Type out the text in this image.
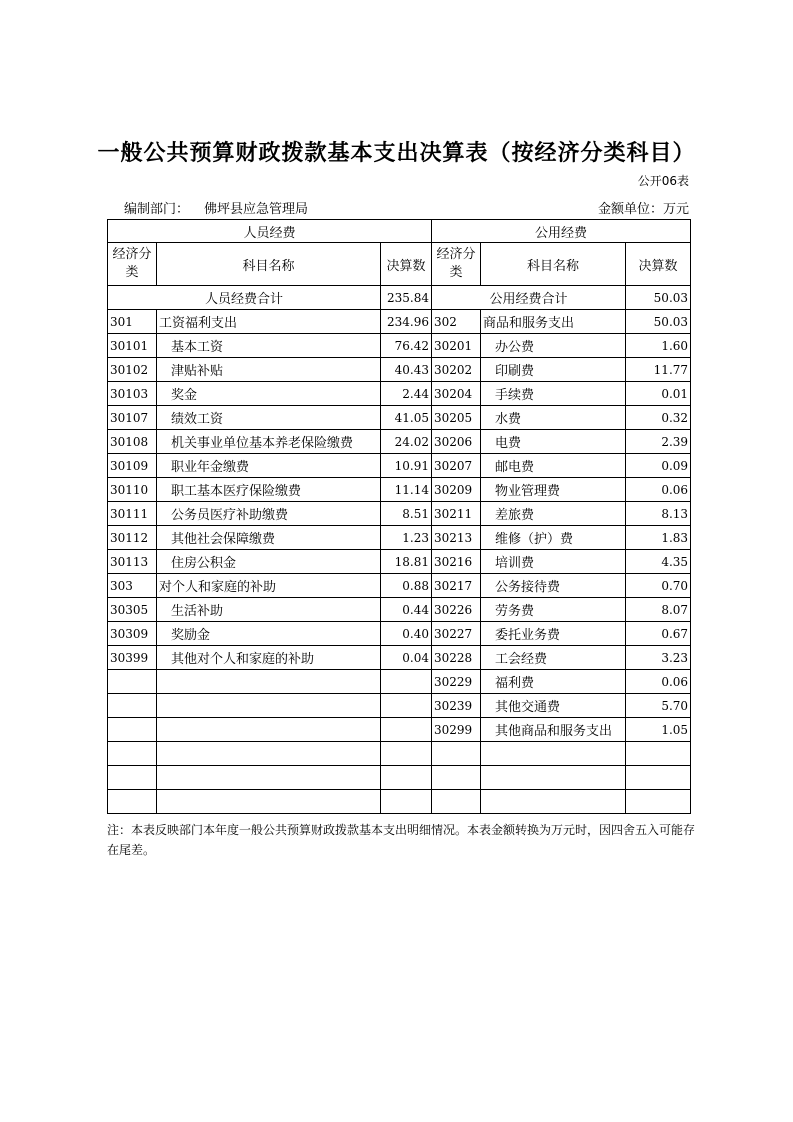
一般公共预算财政拨款基本支出决算表（按经济分类科目）
公开06表
编制部门： 佛坪县应急管理局	金额单位：万元
人员经费			公用经费		
经济分类	科目名称	决算数	经济分类	科目名称	决算数
人员经费合计		235.84	公用经费合计		50.03
301	工资福利支出	234.96	302	商品和服务支出	50.03
30101	基本工资	76.42	30201	办公费	1.60
30102	津贴补贴	40.43	30202	印刷费	11.77
30103	奖金	2.44	30204	手续费	0.01
30107	绩效工资	41.05	30205	水费	0.32
30108	机关事业单位基本养老保险缴费	24.02	30206	电费	2.39
30109	职业年金缴费	10.91	30207	邮电费	0.09
30110	职工基本医疗保险缴费	11.14	30209	物业管理费	0.06
30111	公务员医疗补助缴费	8.51	30211	差旅费	8.13
30112	其他社会保障缴费	1.23	30213	维修（护）费	1.83
30113	住房公积金	18.81	30216	培训费	4.35
303	对个人和家庭的补助	0.88	30217	公务接待费	0.70
30305	生活补助	0.44	30226	劳务费	8.07
30309	奖励金	0.40	30227	委托业务费	0.67
30399	其他对个人和家庭的补助	0.04	30228	工会经费	3.23
			30229	福利费	0.06
			30239	其他交通费	5.70
			30299	其他商品和服务支出	1.05

注：本表反映部门本年度一般公共预算财政拨款基本支出明细情况。本表金额转换为万元时，因四舍五入可能存在尾差。
